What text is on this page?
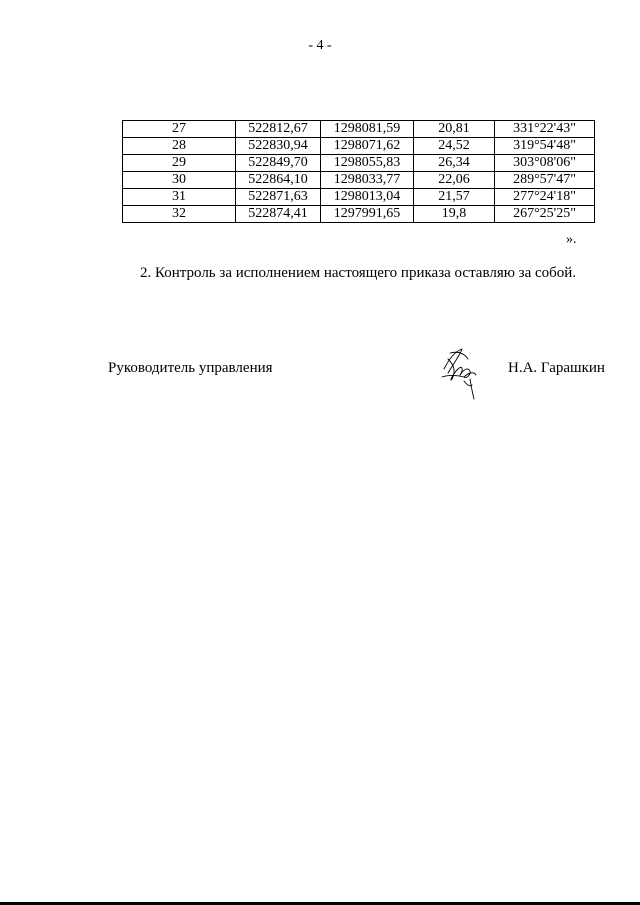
- 4 -
27	522812,67	1298081,59	20,81	331°22'43"
28	522830,94	1298071,62	24,52	319°54'48"
29	522849,70	1298055,83	26,34	303°08'06"
30	522864,10	1298033,77	22,06	289°57'47"
31	522871,63	1298013,04	21,57	277°24'18"
32	522874,41	1297991,65	19,8	267°25'25"
».
2. Контроль за исполнением настоящего приказа оставляю за собой.
Руководитель управления	Н.А. Гарашкин
